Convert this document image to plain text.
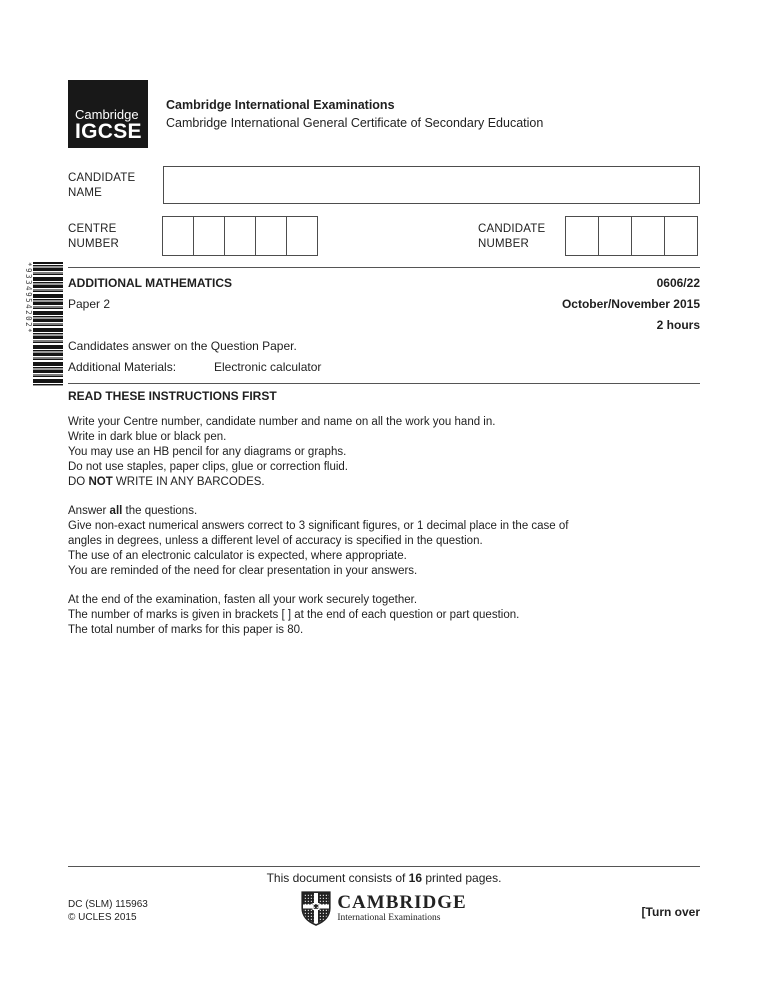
*9334954202*
Cambridge
IGCSE
Cambridge International Examinations
Cambridge International General Certificate of Secondary Education
CANDIDATE NAME
CENTRE NUMBER
CANDIDATE NUMBER
ADDITIONAL MATHEMATICS	0606/22
Paper 2	October/November 2015
2 hours
Candidates answer on the Question Paper.
Additional Materials:	Electronic calculator
READ THESE INSTRUCTIONS FIRST
Write your Centre number, candidate number and name on all the work you hand in.
Write in dark blue or black pen.
You may use an HB pencil for any diagrams or graphs.
Do not use staples, paper clips, glue or correction fluid.
DO NOT WRITE IN ANY BARCODES.
Answer all the questions.
Give non-exact numerical answers correct to 3 significant figures, or 1 decimal place in the case of
angles in degrees, unless a different level of accuracy is specified in the question.
The use of an electronic calculator is expected, where appropriate.
You are reminded of the need for clear presentation in your answers.
At the end of the examination, fasten all your work securely together.
The number of marks is given in brackets [ ] at the end of each question or part question.
The total number of marks for this paper is 80.
This document consists of 16 printed pages.
DC (SLM) 115963
© UCLES 2015
CAMBRIDGE
International Examinations	[Turn over
